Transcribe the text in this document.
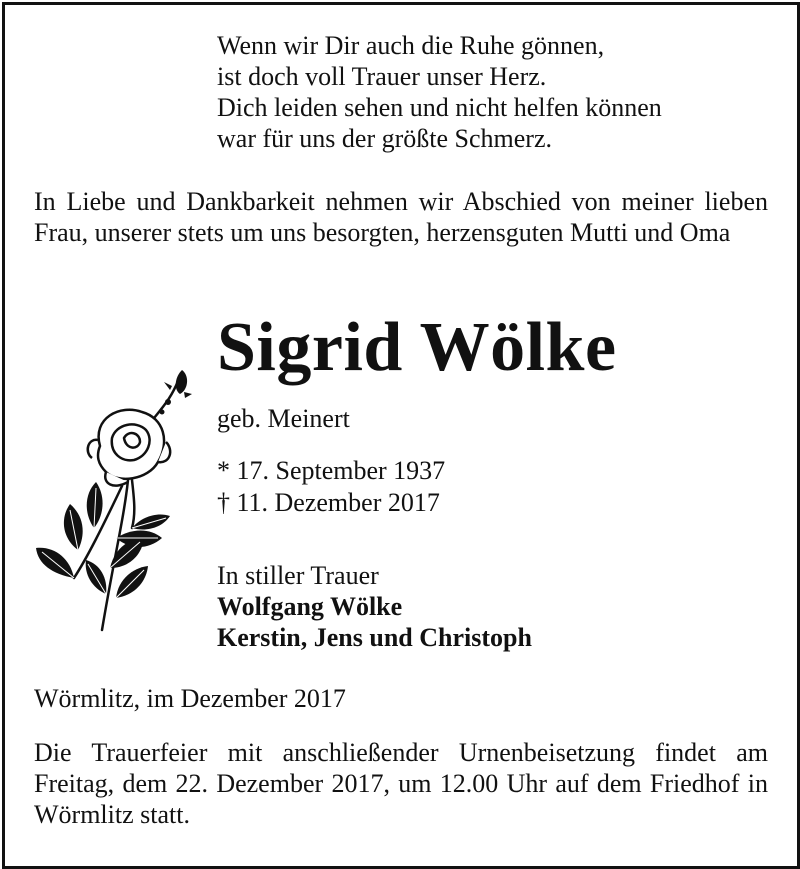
Wenn wir Dir auch die Ruhe gönnen,
ist doch voll Trauer unser Herz.
Dich leiden sehen und nicht helfen können
war für uns der größte Schmerz.
In Liebe und Dankbarkeit nehmen wir Abschied von meiner lieben Frau, unserer stets um uns besorgten, herzensguten Mutti und Oma
Sigrid Wölke
geb. Meinert
* 17. September 1937
† 11. Dezember 2017
In stiller Trauer
Wolfgang Wölke
Kerstin, Jens und Christoph
Wörmlitz, im Dezember 2017
Die Trauerfeier mit anschließender Urnenbeisetzung findet am Freitag, dem 22. Dezember 2017, um 12.00 Uhr auf dem Friedhof in Wörmlitz statt.
